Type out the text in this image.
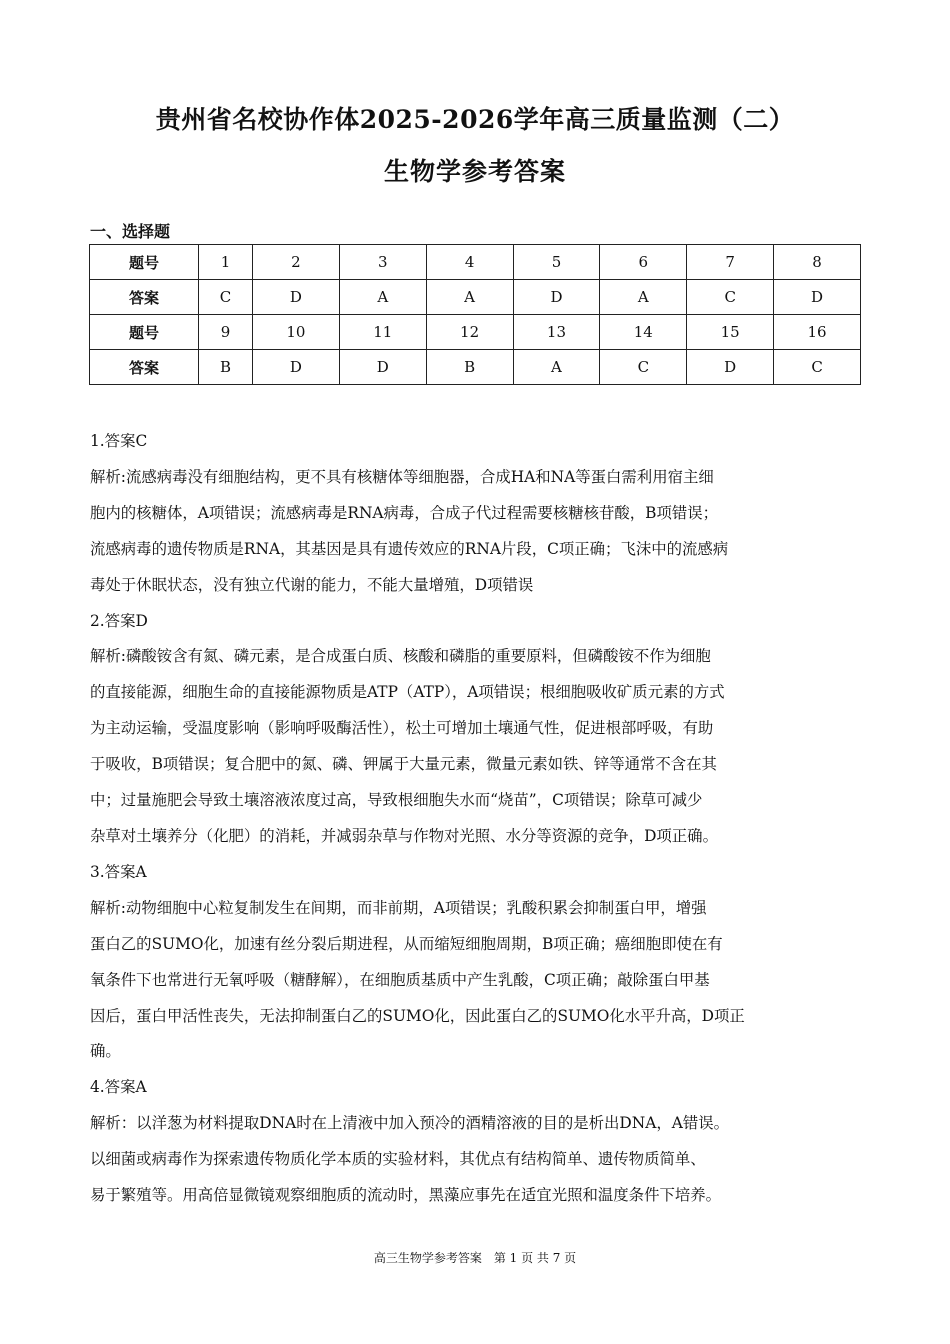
贵州省名校协作体2025-2026学年高三质量监测（二）
生物学参考答案
一、选择题
题号	1	2	3	4	5	6	7	8
答案	C	D	A	A	D	A	C	D
题号	9	10	11	12	13	14	15	16
答案	B	D	D	B	A	C	D	C

1.答案C

解析:流感病毒没有细胞结构，更不具有核糖体等细胞器，合成HA和NA等蛋白需利用宿主细

胞内的核糖体，A项错误；流感病毒是RNA病毒，合成子代过程需要核糖核苷酸，B项错误；

流感病毒的遗传物质是RNA，其基因是具有遗传效应的RNA片段，C项正确；飞沫中的流感病

毒处于休眠状态，没有独立代谢的能力，不能大量增殖，D项错误

2.答案D

解析:磷酸铵含有氮、磷元素，是合成蛋白质、核酸和磷脂的重要原料，但磷酸铵不作为细胞

的直接能源，细胞生命的直接能源物质是ATP（ATP），A项错误；根细胞吸收矿质元素的方式

为主动运输，受温度影响（影响呼吸酶活性），松土可增加土壤通气性，促进根部呼吸，有助

于吸收，B项错误；复合肥中的氮、磷、钾属于大量元素，微量元素如铁、锌等通常不含在其

中；过量施肥会导致土壤溶液浓度过高，导致根细胞失水而“烧苗”，C项错误；除草可减少

杂草对土壤养分（化肥）的消耗，并减弱杂草与作物对光照、水分等资源的竞争，D项正确。

3.答案A

解析:动物细胞中心粒复制发生在间期，而非前期，A项错误；乳酸积累会抑制蛋白甲，增强

蛋白乙的SUMO化，加速有丝分裂后期进程，从而缩短细胞周期，B项正确；癌细胞即使在有

氧条件下也常进行无氧呼吸（糖酵解），在细胞质基质中产生乳酸，C项正确；敲除蛋白甲基

因后，蛋白甲活性丧失，无法抑制蛋白乙的SUMO化，因此蛋白乙的SUMO化水平升高，D项正

确。

4.答案A

解析：以洋葱为材料提取DNA时在上清液中加入预冷的酒精溶液的目的是析出DNA，A错误。

以细菌或病毒作为探索遗传物质化学本质的实验材料，其优点有结构简单、遗传物质简单、

易于繁殖等。用高倍显微镜观察细胞质的流动时，黑藻应事先在适宜光照和温度条件下培养。

高三生物学参考答案　第 1 页 共 7 页
